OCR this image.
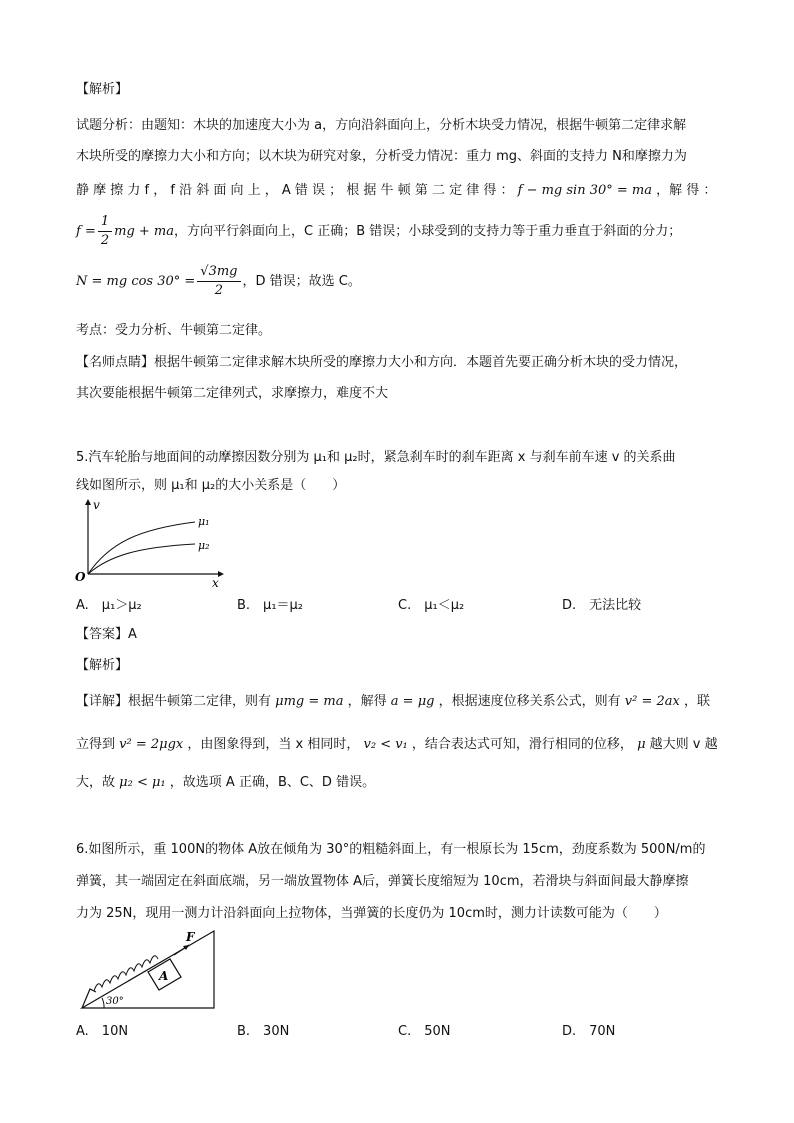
【解析】
试题分析：由题知：木块的加速度大小为 a，方向沿斜面向上，分析木块受力情况，根据牛顿第二定律求解
木块所受的摩擦力大小和方向；以木块为研究对象，分析受力情况：重力 mg、斜面的支持力 N和摩擦力为
静 摩 擦 力 f ， f 沿 斜 面 向 上 ， A 错 误 ； 根 据 牛 顿 第 二 定 律 得 ： f − mg sin 30° = ma ，解 得 ：
$f = \frac{1}{2}$ mg + ma，方向平行斜面向上，C 正确；B 错误；小球受到的支持力等于重力垂直于斜面的分力；
N = mg $\cos 30^\circ = \frac{√3mg}{2}$ ，D 错误；故选 C。
考点：受力分析、牛顿第二定律。
【名师点睛】根据牛顿第二定律求解木块所受的摩擦力大小和方向．本题首先要正确分析木块的受力情况，
其次要能根据牛顿第二定律列式，求摩擦力，难度不大
5.汽车轮胎与地面间的动摩擦因数分别为 μ₁和 μ₂时，紧急刹车时的刹车距离 x 与刹车前车速 v 的关系曲
线如图所示，则 μ₁和 μ₂的大小关系是（　　）
v
x
O
μ₁
μ₂
A.　μ₁＞μ₂	B.　μ₁＝μ₂	C.　μ₁＜μ₂	D.　无法比较
【答案】A
【解析】
【详解】根据牛顿第二定律，则有 μmg = ma ，解得 a = μg ，根据速度位移关系公式，则有 v² = 2ax ，联
立得到 v² = 2μgx ，由图象得到，当 x 相同时， v₂ < v₁ ，结合表达式可知，滑行相同的位移， μ 越大则 v 越
大，故 μ₂ < μ₁ ，故选项 A 正确，B、C、D 错误。
6.如图所示，重 100N的物体 A放在倾角为 30°的粗糙斜面上，有一根原长为 15cm，劲度系数为 500N/m的
弹簧，其一端固定在斜面底端，另一端放置物体 A后，弹簧长度缩短为 10cm，若滑块与斜面间最大静摩擦
力为 25N，现用一测力计沿斜面向上拉物体，当弹簧的长度仍为 10cm时，测力计读数可能为（　　）
A
F
30°
A.　10N	B.　30N	C.　50N	D.　70N
